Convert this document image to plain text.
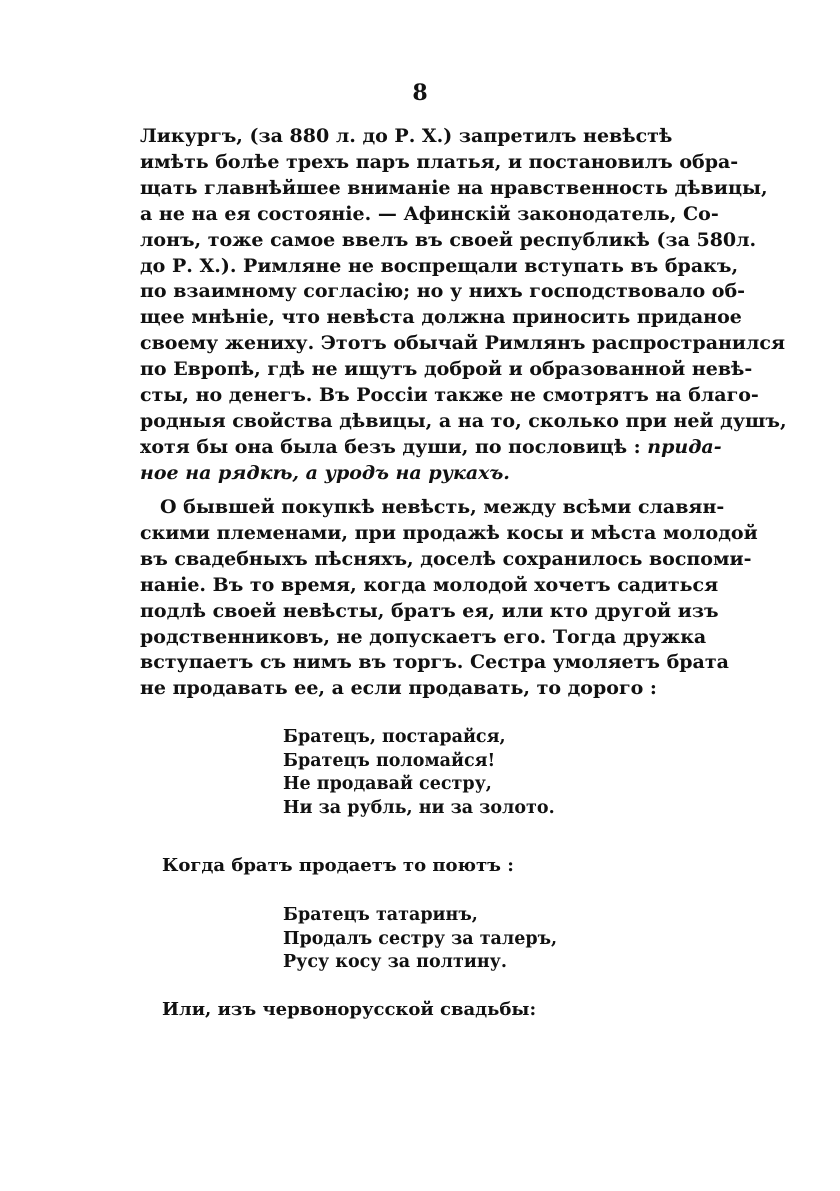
8
Ликургъ, (за 880 л. до Р. Х.) запретилъ невѣстѣ
имѣть болѣе трехъ паръ платья, и постановилъ обра-
щать главнѣйшее вниманіе на нравственность дѣвицы,
а не на ея состояніе. — Афинскій законодатель, Со-
лонъ, тоже самое ввелъ въ своей республикѣ (за 580л.
до Р. Х.). Римляне не воспрещали вступать въ бракъ,
по взаимному согласію; но у нихъ господствовало об-
щее мнѣніе, что невѣста должна приносить приданое
своему жениху. Этотъ обычай Римлянъ распространился
по Европѣ, гдѣ не ищутъ доброй и образованной невѣ-
сты, но денегъ. Въ Россіи также не смотрятъ на благо-
родныя свойства дѣвицы, а на то, сколько при ней душъ,
хотя бы она была безъ души, по пословицѣ : прида-
ное на рядкѣ, а уродъ на рукахъ.
О бывшей покупкѣ невѣсть, между всѣми славян-
скими племенами, при продажѣ косы и мѣста молодой
въ свадебныхъ пѣсняхъ, доселѣ сохранилось воспоми-
наніе. Въ то время, когда молодой хочетъ садиться
подлѣ своей невѣсты, братъ ея, или кто другой изъ
родственниковъ, не допускаетъ его. Тогда дружка
вступаетъ съ нимъ въ торгъ. Сестра умоляетъ брата
не продавать ее, а если продавать, то дорого :
Братецъ, постарайся,
Братецъ поломайся!
Не продавай сестру,
Ни за рубль, ни за золото.
Когда братъ продаетъ то поютъ :
Братецъ татаринъ,
Продалъ сестру за талеръ,
Русу косу за полтину.
Или, изъ червонорусской свадьбы:
